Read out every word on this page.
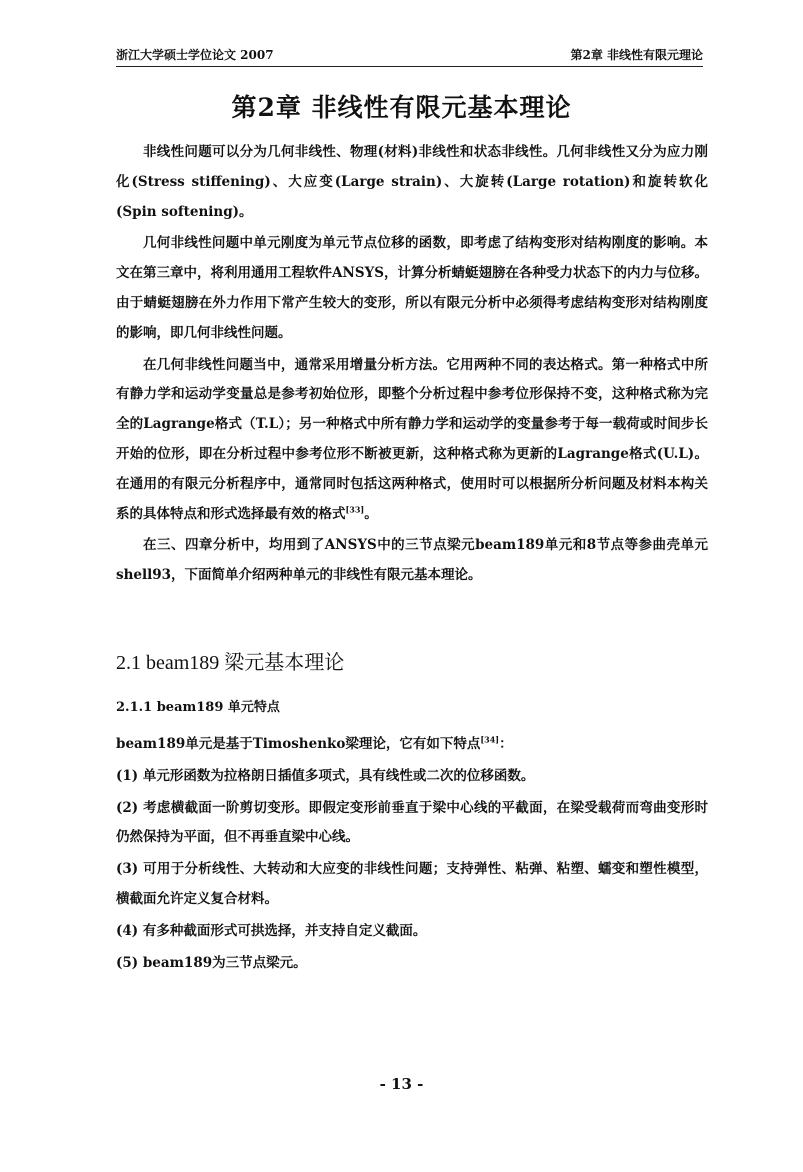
浙江大学硕士学位论文 2007	第2章 非线性有限元理论
第2章 非线性有限元基本理论

非线性问题可以分为几何非线性、物理(材料)非线性和状态非线性。几何非线性又分为应力刚化(Stress stiffening)、大应变(Large strain)、大旋转(Large rotation)和旋转软化(Spin softening)。

几何非线性问题中单元刚度为单元节点位移的函数，即考虑了结构变形对结构刚度的影响。本文在第三章中，将利用通用工程软件ANSYS，计算分析蜻蜓翅膀在各种受力状态下的内力与位移。由于蜻蜓翅膀在外力作用下常产生较大的变形，所以有限元分析中必须得考虑结构变形对结构刚度的影响，即几何非线性问题。

在几何非线性问题当中，通常采用增量分析方法。它用两种不同的表达格式。第一种格式中所有静力学和运动学变量总是参考初始位形，即整个分析过程中参考位形保持不变，这种格式称为完全的Lagrange格式（T.L）；另一种格式中所有静力学和运动学的变量参考于每一载荷或时间步长开始的位形，即在分析过程中参考位形不断被更新，这种格式称为更新的Lagrange格式(U.L)。在通用的有限元分析程序中，通常同时包括这两种格式，使用时可以根据所分析问题及材料本构关系的具体特点和形式选择最有效的格式[33]。

在三、四章分析中，均用到了ANSYS中的三节点梁元beam189单元和8节点等参曲壳单元shell93，下面简单介绍两种单元的非线性有限元基本理论。

2.1 beam189 梁元基本理论
2.1.1 beam189 单元特点

beam189单元是基于Timoshenko梁理论，它有如下特点[34]：

(1) 单元形函数为拉格朗日插值多项式，具有线性或二次的位移函数。

(2) 考虑横截面一阶剪切变形。即假定变形前垂直于梁中心线的平截面，在梁受载荷而弯曲变形时仍然保持为平面，但不再垂直梁中心线。

(3) 可用于分析线性、大转动和大应变的非线性问题；支持弹性、粘弹、粘塑、蠕变和塑性模型，横截面允许定义复合材料。

(4) 有多种截面形式可拱选择，并支持自定义截面。

(5) beam189为三节点梁元。

- 13 -
